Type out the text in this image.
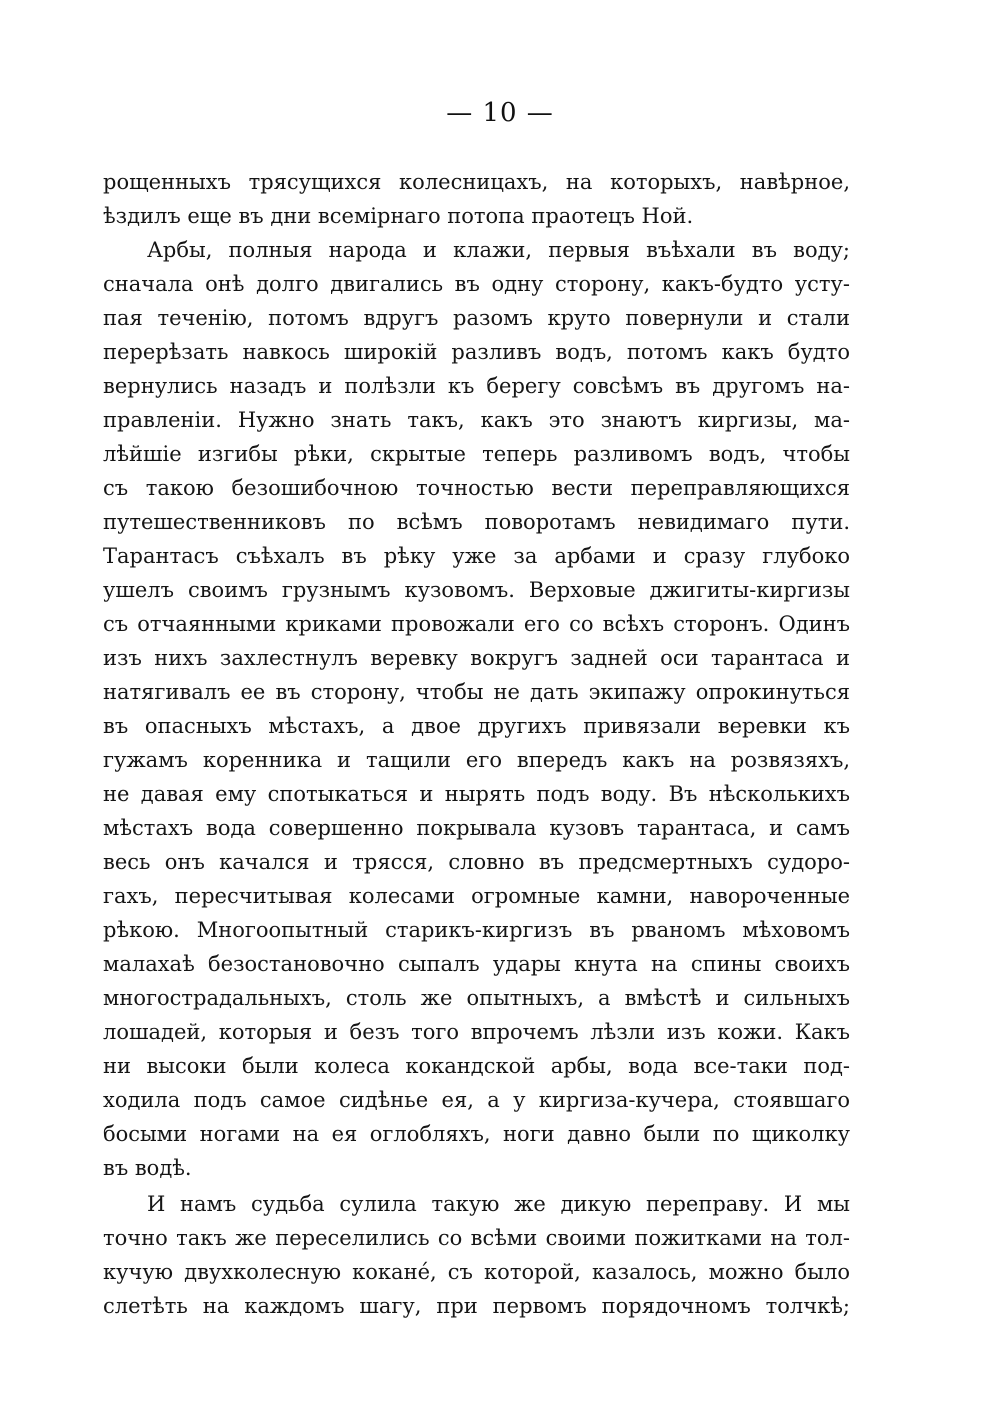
— 10 —
рощенныхъ трясущихся колесницахъ, на которыхъ, навѣрное,
ѣздилъ еще въ дни всемiрнаго потопа праотецъ Ной.
Арбы, полныя народа и клажи, первыя въѣхали въ воду;
сначала онѣ долго двигались въ одну сторону, какъ-будто усту-
пая теченiю, потомъ вдругъ разомъ круто повернули и стали
перерѣзать навкось широкiй разливъ водъ, потомъ какъ будто
вернулись назадъ и полѣзли къ берегу совсѣмъ въ другомъ на-
правленiи. Нужно знать такъ, какъ это знаютъ киргизы, ма-
лѣйшiе изгибы рѣки, скрытые теперь разливомъ водъ, чтобы
съ такою безошибочною точностью вести переправляющихся
путешественниковъ по всѣмъ поворотамъ невидимаго пути.
Тарантасъ съѣхалъ въ рѣку уже за арбами и сразу глубоко
ушелъ своимъ грузнымъ кузовомъ. Верховые джигиты-киргизы
съ отчаянными криками провожали его со всѣхъ сторонъ. Одинъ
изъ нихъ захлестнулъ веревку вокругъ задней оси тарантаса и
натягивалъ ее въ сторону, чтобы не дать экипажу опрокинуться
въ опасныхъ мѣстахъ, а двое другихъ привязали веревки къ
гужамъ коренника и тащили его впередъ какъ на розвязяхъ,
не давая ему спотыкаться и нырять подъ воду. Въ нѣсколькихъ
мѣстахъ вода совершенно покрывала кузовъ тарантаса, и самъ
весь онъ качался и трясся, словно въ предсмертныхъ судоро-
гахъ, пересчитывая колесами огромные камни, навороченные
рѣкою. Многоопытный старикъ-киргизъ въ рваномъ мѣховомъ
малахаѣ безостановочно сыпалъ удары кнута на спины своихъ
многострадальныхъ, столь же опытныхъ, а вмѣстѣ и сильныхъ
лошадей, которыя и безъ того впрочемъ лѣзли изъ кожи. Какъ
ни высоки были колеса кокандской арбы, вода все-таки под-
ходила подъ самое сидѣнье ея, а у киргиза-кучера, стоявшаго
босыми ногами на ея оглобляхъ, ноги давно были по щиколку
въ водѣ.
И намъ судьба сулила такую же дикую переправу. И мы
точно такъ же переселились со всѣми своими пожитками на тол-
кучую двухколесную коканé, съ которой, казалось, можно было
слетѣть на каждомъ шагу, при первомъ порядочномъ толчкѣ;
